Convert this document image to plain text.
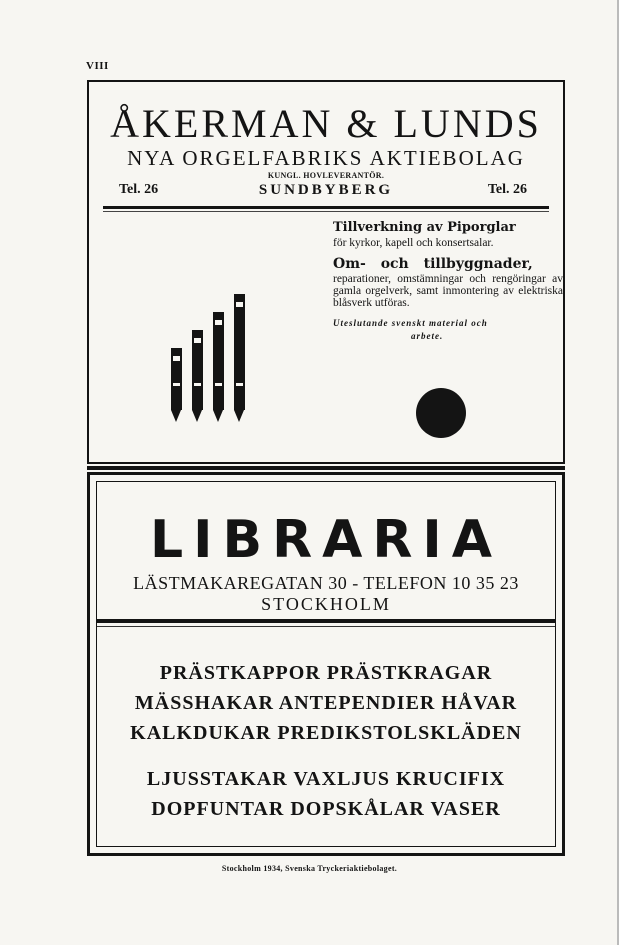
VIII
ÅKERMAN & LUNDS
NYA ORGELFABRIKS AKTIEBOLAG
KUNGL. HOVLEVERANTÖR.
Tel. 26	SUNDBYBERG	Tel. 26
Tillverkning av Piporglar
för kyrkor, kapell och konsertsalar.
Om- och tillbyggnader,
reparationer, omstämningar och rengöringar av gamla orgelverk, samt inmontering av elektriska blåsverk utföras.
Uteslutande svenskt material och
arbete.
LIBRARIA
LÄSTMAKAREGATAN 30 - TELEFON 10 35 23
STOCKHOLM
PRÄSTKAPPOR PRÄSTKRAGAR
MÄSSHAKAR ANTEPENDIER HÅVAR
KALKDUKAR PREDIKSTOLSKLÄDEN
LJUSSTAKAR VAXLJUS KRUCIFIX
DOPFUNTAR DOPSKÅLAR VASER
Stockholm 1934, Svenska Tryckeriaktiebolaget.
